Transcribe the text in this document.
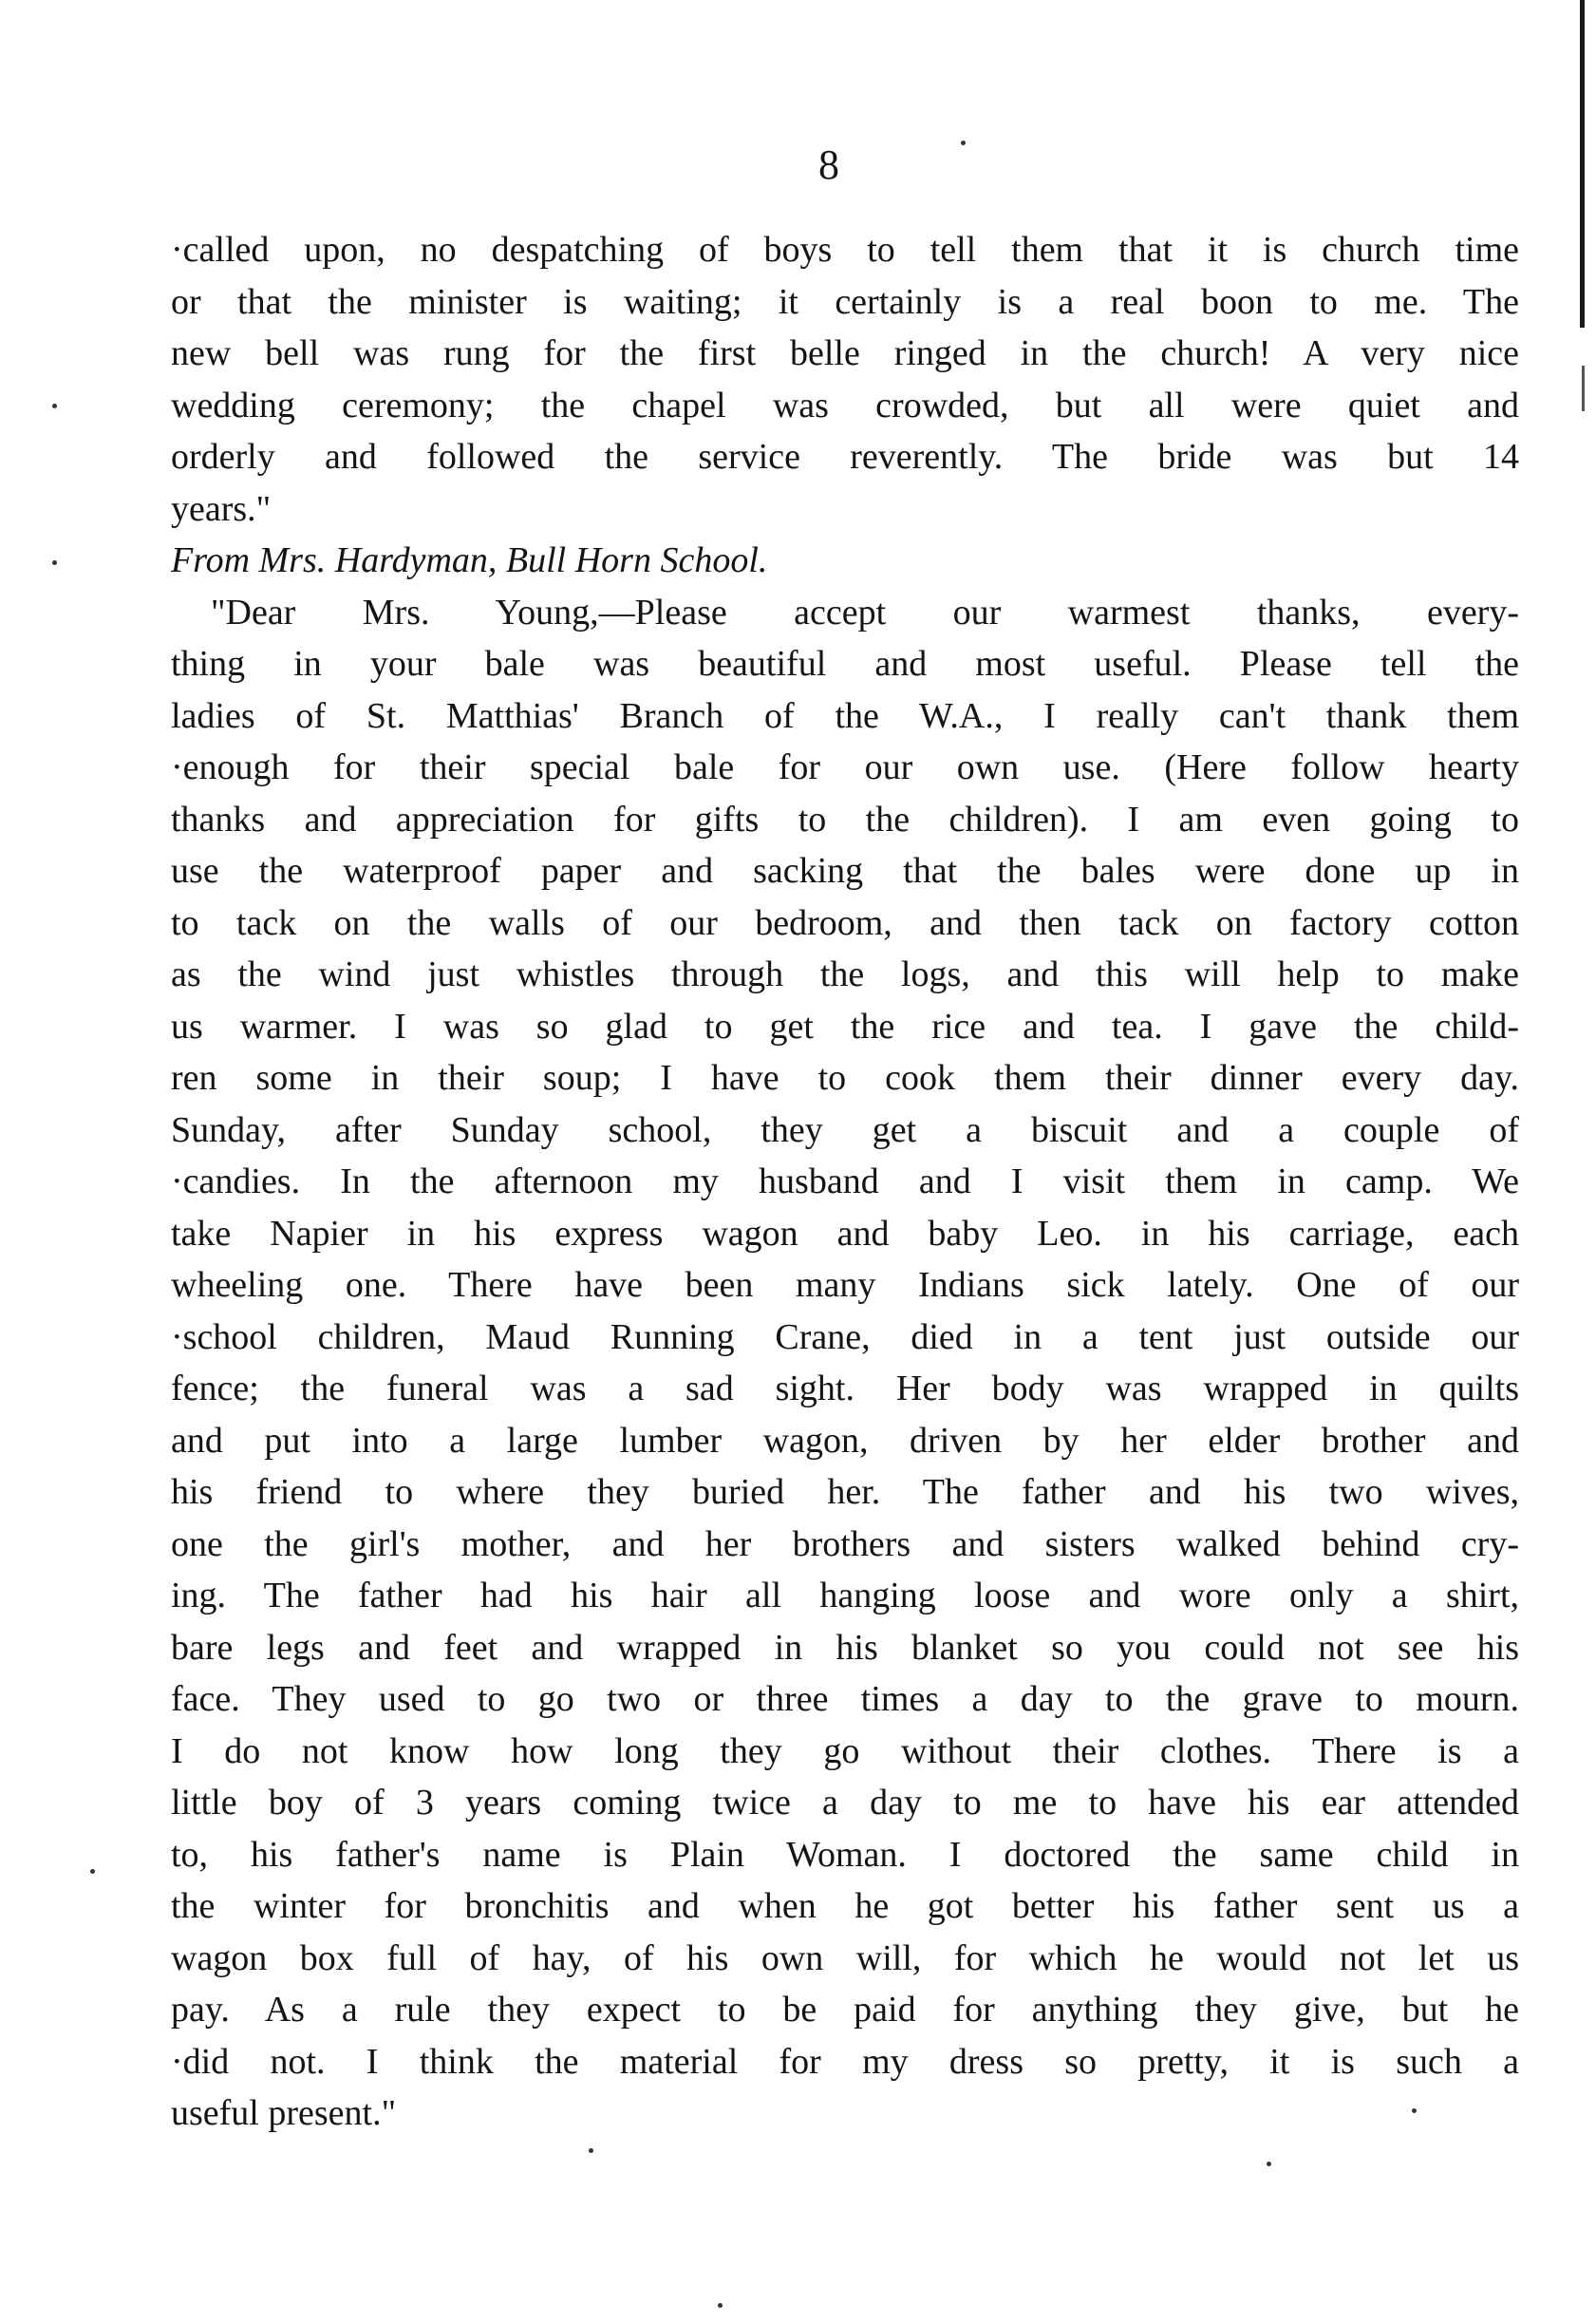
8
·called upon, no despatching of boys to tell them that it is church time
or that the minister is waiting; it certainly is a real boon to me. The
new bell was rung for the first belle ringed in the church! A very nice
wedding ceremony; the chapel was crowded, but all were quiet and
orderly and followed the service reverently. The bride was but 14
years."
From Mrs. Hardyman, Bull Horn School.
"Dear Mrs. Young,—Please accept our warmest thanks, every-
thing in your bale was beautiful and most useful. Please tell the
ladies of St. Matthias' Branch of the W.A., I really can't thank them
·enough for their special bale for our own use. (Here follow hearty
thanks and appreciation for gifts to the children). I am even going to
use the waterproof paper and sacking that the bales were done up in
to tack on the walls of our bedroom, and then tack on factory cotton
as the wind just whistles through the logs, and this will help to make
us warmer. I was so glad to get the rice and tea. I gave the child-
ren some in their soup; I have to cook them their dinner every day.
Sunday, after Sunday school, they get a biscuit and a couple of
·candies. In the afternoon my husband and I visit them in camp. We
take Napier in his express wagon and baby Leo. in his carriage, each
wheeling one. There have been many Indians sick lately. One of our
·school children, Maud Running Crane, died in a tent just outside our
fence; the funeral was a sad sight. Her body was wrapped in quilts
and put into a large lumber wagon, driven by her elder brother and
his friend to where they buried her. The father and his two wives,
one the girl's mother, and her brothers and sisters walked behind cry-
ing. The father had his hair all hanging loose and wore only a shirt,
bare legs and feet and wrapped in his blanket so you could not see his
face. They used to go two or three times a day to the grave to mourn.
I do not know how long they go without their clothes. There is a
little boy of 3 years coming twice a day to me to have his ear attended
to, his father's name is Plain Woman. I doctored the same child in
the winter for bronchitis and when he got better his father sent us a
wagon box full of hay, of his own will, for which he would not let us
pay. As a rule they expect to be paid for anything they give, but he
·did not. I think the material for my dress so pretty, it is such a
useful present."
